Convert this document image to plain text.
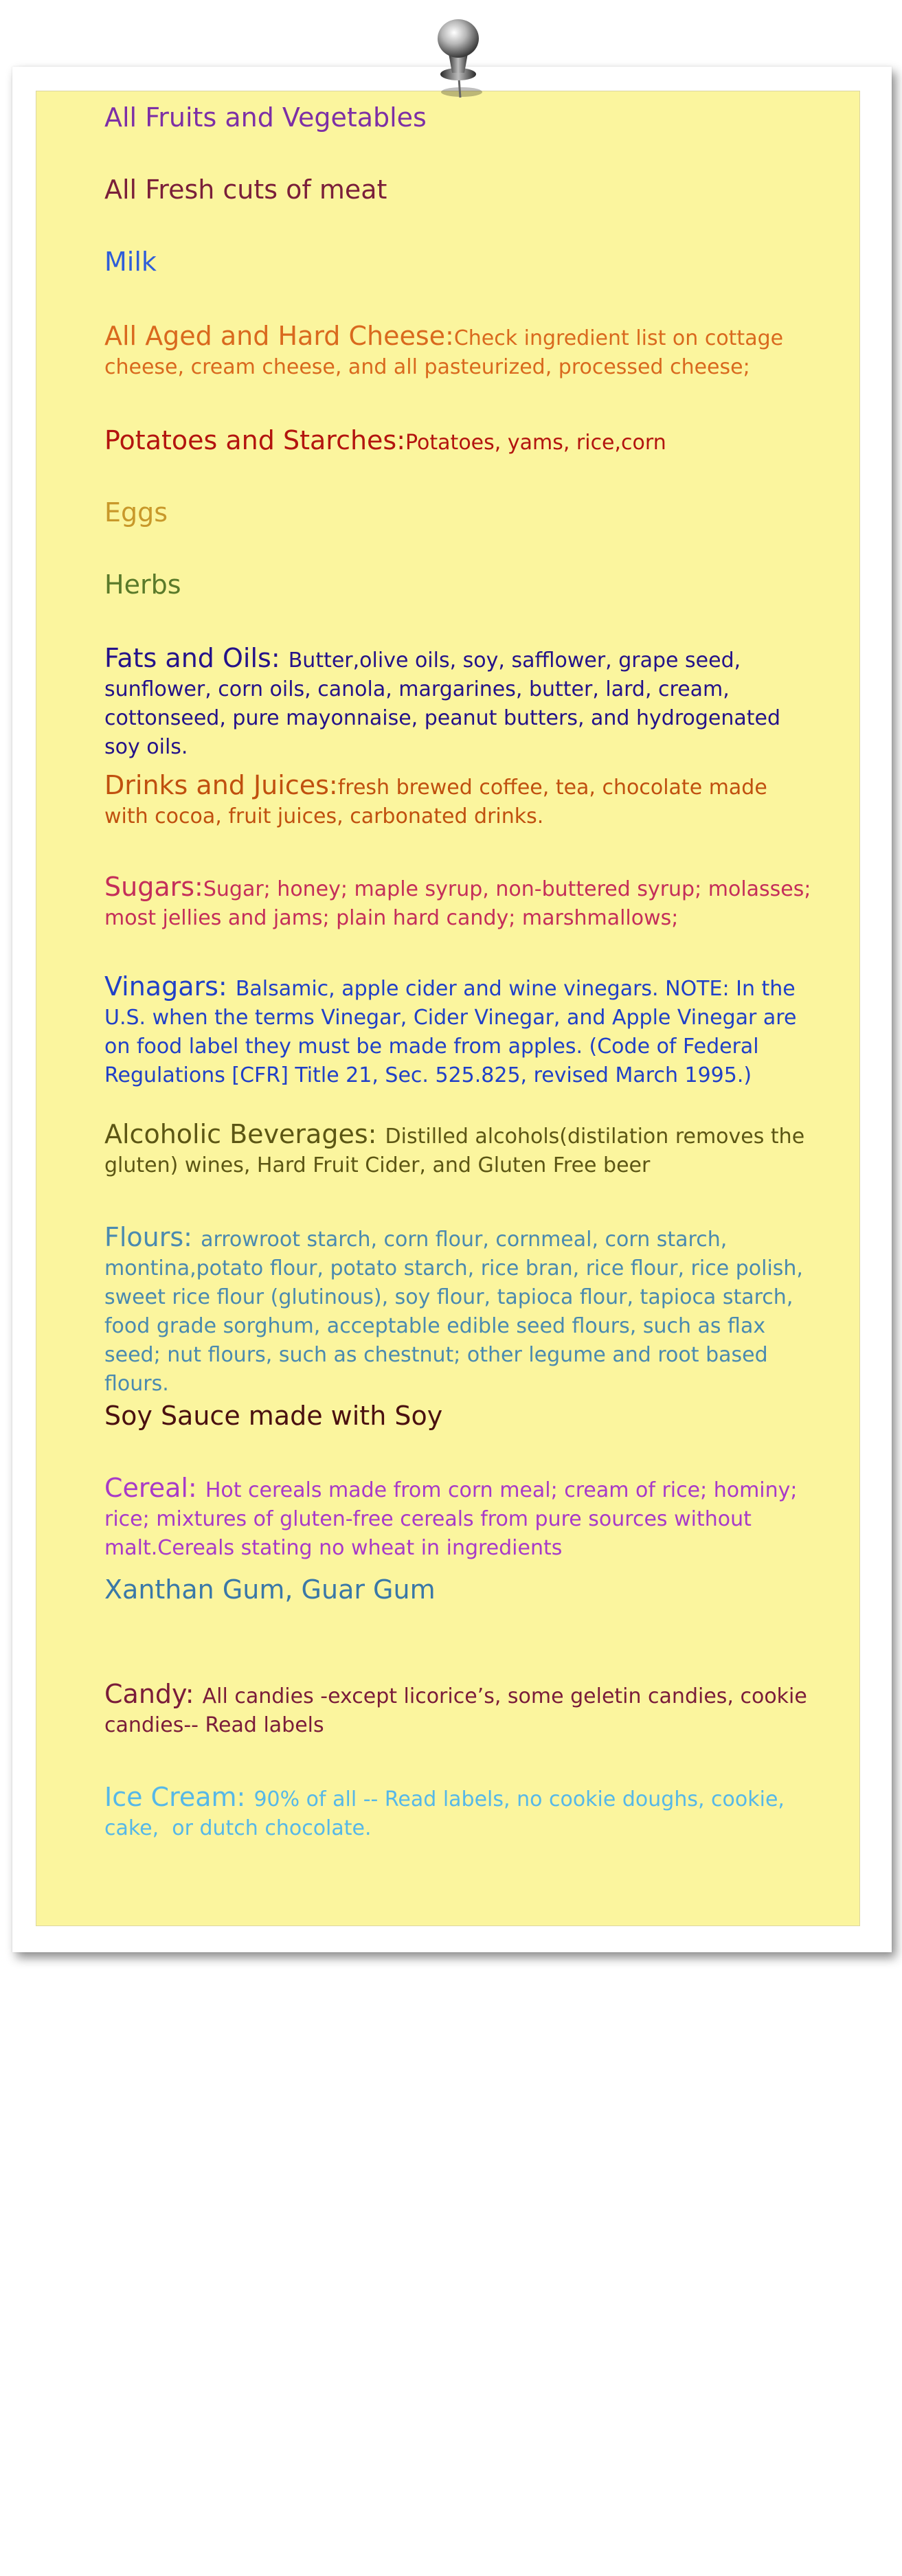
All Fruits and Vegetables

All Fresh cuts of meat

Milk

All Aged and Hard Cheese:Check ingredient list on cottage cheese, cream cheese, and all pasteurized, processed cheese;

Potatoes and Starches:Potatoes, yams, rice,corn

Eggs

Herbs

Fats and Oils: Butter,olive oils, soy, safflower, grape seed, sunflower, corn oils, canola, margarines, butter, lard, cream, cottonseed, pure mayonnaise, peanut butters, and hydrogenated soy oils.

Drinks and Juices:fresh brewed coffee, tea, chocolate made with cocoa, fruit juices, carbonated drinks.

Sugars:Sugar; honey; maple syrup, non-buttered syrup; molasses; most jellies and jams; plain hard candy; marshmallows;

Vinagars: Balsamic, apple cider and wine vinegars. NOTE: In the U.S. when the terms Vinegar, Cider Vinegar, and Apple Vinegar are on food label they must be made from apples. (Code of Federal Regulations [CFR] Title 21, Sec. 525.825, revised March 1995.)

Alcoholic Beverages: Distilled alcohols(distilation removes the gluten) wines, Hard Fruit Cider, and Gluten Free beer

Flours: arrowroot starch, corn flour, cornmeal, corn starch, montina,potato flour, potato starch, rice bran, rice flour, rice polish, sweet rice flour (glutinous), soy flour, tapioca flour, tapioca starch, food grade sorghum, acceptable edible seed flours, such as flax seed; nut flours, such as chestnut; other legume and root based flours.

Soy Sauce made with Soy

Cereal: Hot cereals made from corn meal; cream of rice; hominy; rice; mixtures of gluten-free cereals from pure sources without malt.Cereals stating no wheat in ingredients

Xanthan Gum, Guar Gum

Candy: All candies -except licorice’s, some geletin candies, cookie candies-- Read labels

Ice Cream: 90% of all -- Read labels, no cookie doughs, cookie, cake,  or dutch chocolate.
